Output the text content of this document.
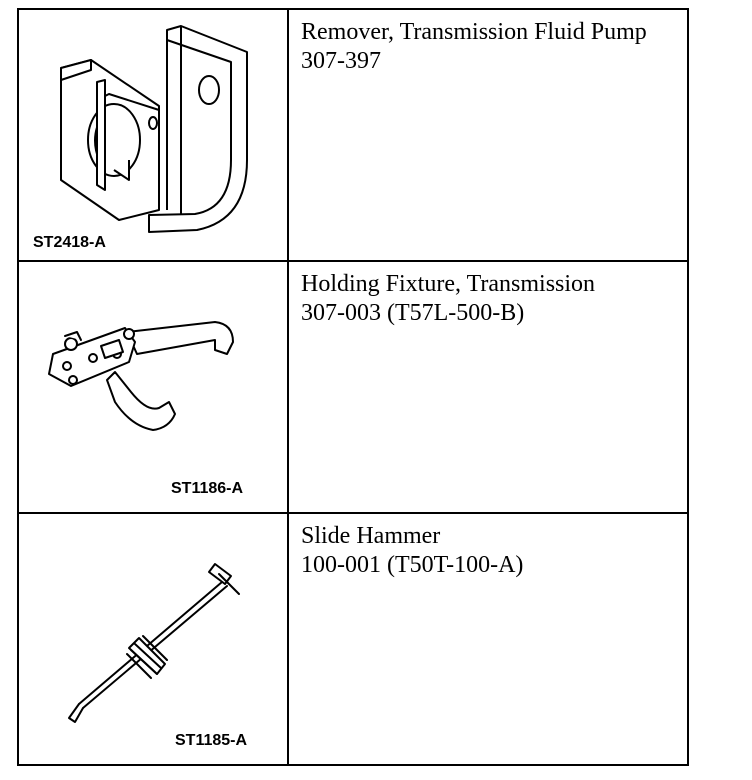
ST2418-A	Remover, Transmission Fluid Pump
307-397

ST1186-A	Holding Fixture, Transmission
307-003 (T57L-500-B)

ST1185-A	Slide Hammer
100-001 (T50T-100-A)
